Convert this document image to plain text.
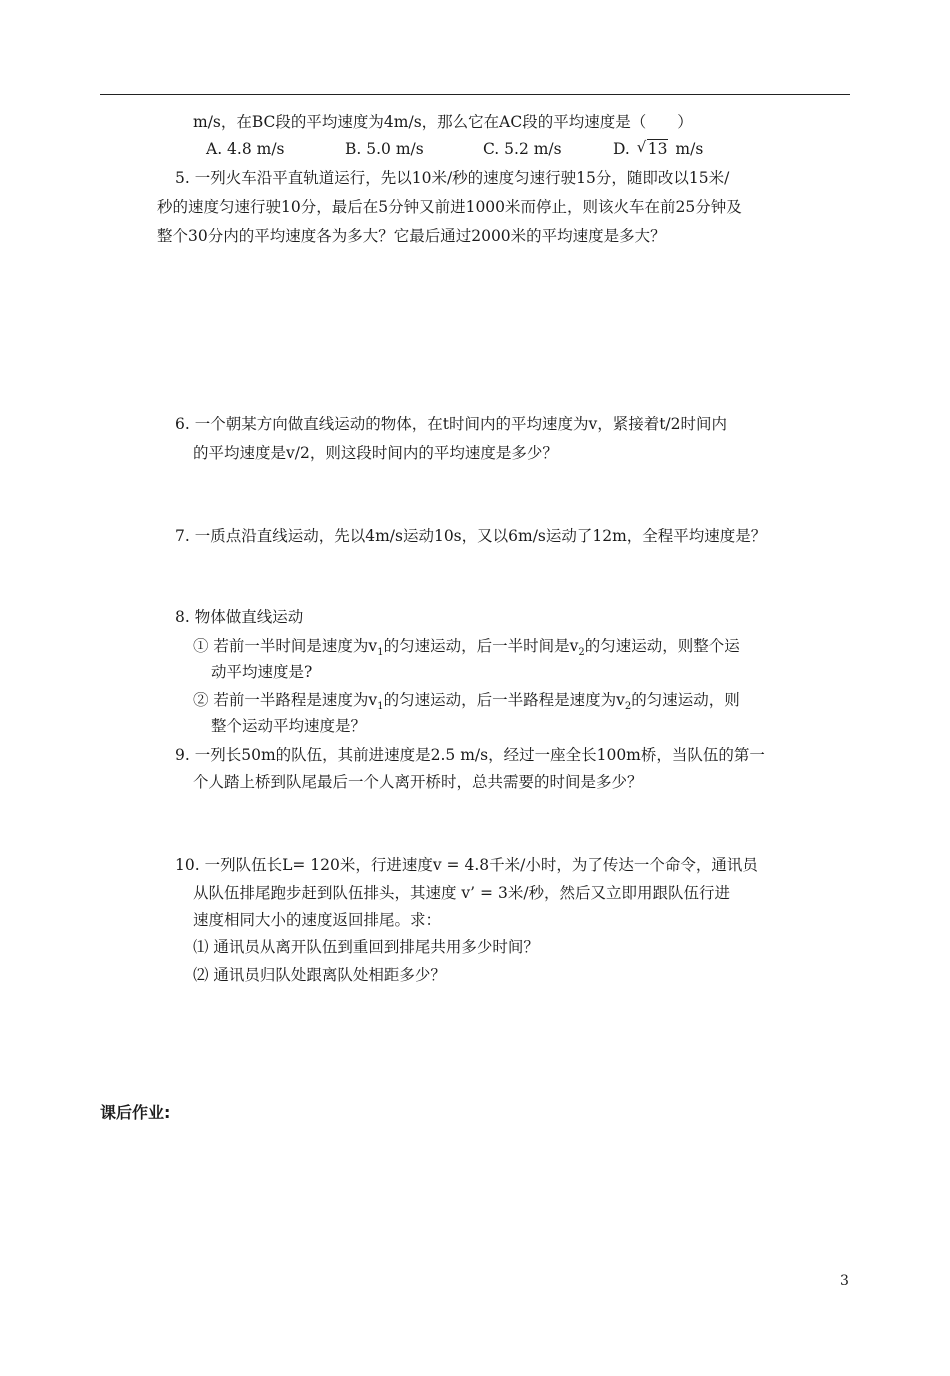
m/s，在BC段的平均速度为4m/s，那么它在AC段的平均速度是（　　）
A. 4.8 m/s	B. 5.0 m/s	C. 5.2 m/s	D. √ 13 m/s
5. 一列火车沿平直轨道运行，先以10米/秒的速度匀速行驶15分，随即改以15米/
秒的速度匀速行驶10分，最后在5分钟又前进1000米而停止，则该火车在前25分钟及
整个30分内的平均速度各为多大？它最后通过2000米的平均速度是多大？
6. 一个朝某方向做直线运动的物体，在t时间内的平均速度为v，紧接着t/2时间内
的平均速度是v/2，则这段时间内的平均速度是多少？
7. 一质点沿直线运动，先以4m/s运动10s，又以6m/s运动了12m，全程平均速度是？
8. 物体做直线运动
① 若前一半时间是速度为$v_1$的匀速运动，后一半时间是$v_2$的匀速运动，则整个运
动平均速度是?
② 若前一半路程是速度为$v_1$的匀速运动，后一半路程是速度为$v_2$的匀速运动，则
整个运动平均速度是？
9. 一列长50m的队伍，其前进速度是2.5 m/s，经过一座全长100m桥，当队伍的第一
个人踏上桥到队尾最后一个人离开桥时，总共需要的时间是多少？
10. 一列队伍长L= 120米，行进速度v = 4.8千米/小时，为了传达一个命令，通讯员
从队伍排尾跑步赶到队伍排头，其速度 v’ = 3米/秒，然后又立即用跟队伍行进
速度相同大小的速度返回排尾。求：
⑴ 通讯员从离开队伍到重回到排尾共用多少时间？
⑵ 通讯员归队处跟离队处相距多少？
课后作业:
3
